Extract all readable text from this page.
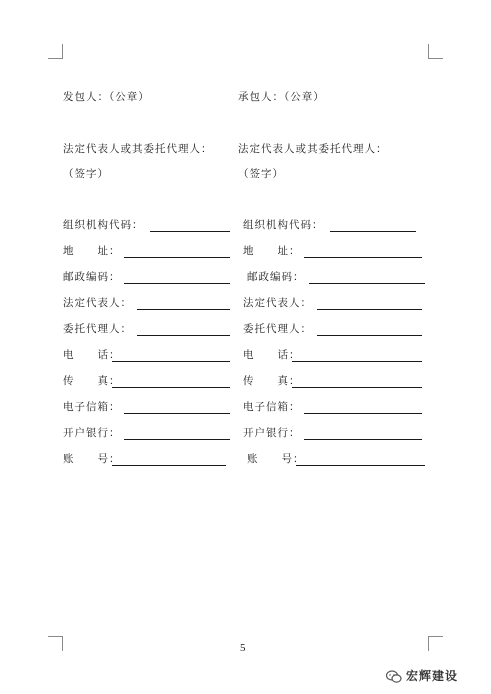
发包人：（公章）	承包人：（公章）
法定代表人或其委托代理人： 法定代表人或其委托代理人：
（签字）	（签字）
组织机构代码：
地　　址：
邮政编码：
法定代表人：
委托代理人：
电　　话：
传　　真：
电子信箱：
开户银行：
账　　号：
组织机构代码：
地　　址：
邮政编码：
法定代表人：
委托代理人：
电　　话：
传　　真：
电子信箱：
开户银行：
账　　号：
5
宏辉建设
